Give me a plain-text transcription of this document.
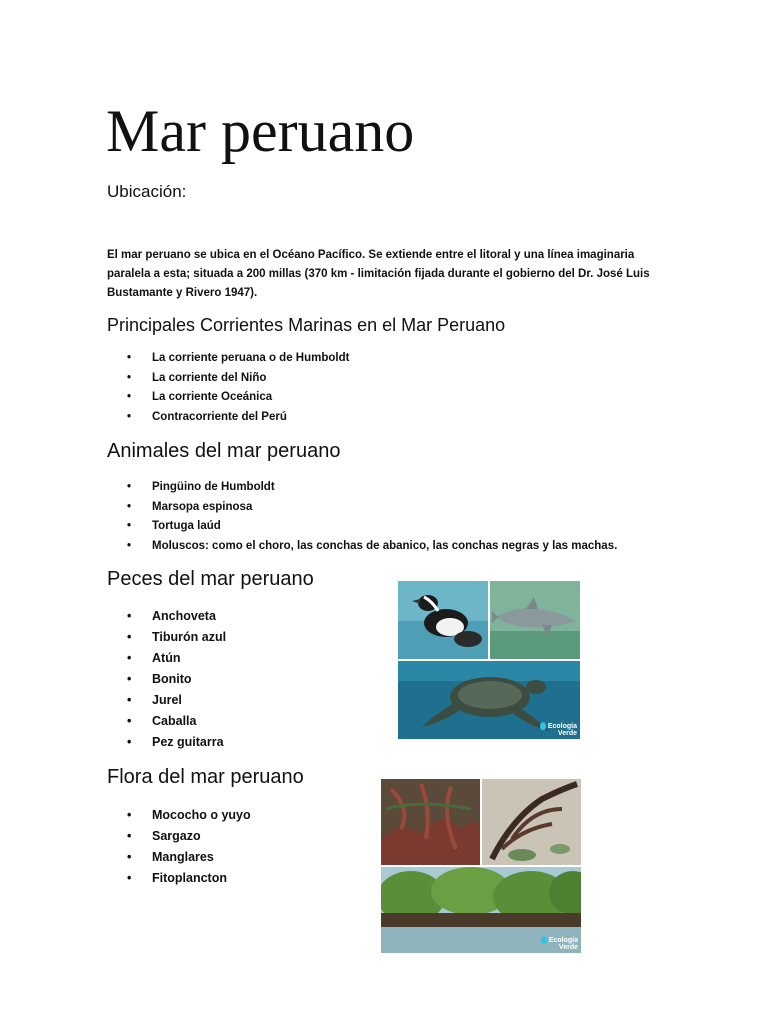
Mar peruano
Ubicación:

El mar peruano se ubica en el Océano Pacífico. Se extiende entre el litoral y una línea imaginaria paralela a esta; situada a 200 millas (370 km - limitación fijada durante el gobierno del Dr. José Luis Bustamante y Rivero 1947).

Principales Corrientes Marinas en el Mar Peruano
• La corriente peruana o de Humboldt
• La corriente del Niño
• La corriente Oceánica
• Contracorriente del Perú
Animales del mar peruano
• Pingüino de Humboldt
• Marsopa espinosa
• Tortuga laúd
• Moluscos: como el choro, las conchas de abanico, las conchas negras y las machas.
Peces del mar peruano
• Anchoveta
• Tiburón azul
• Atún
• Bonito
• Jurel
• Caballa
• Pez guitarra
Ecología
Verde
Flora del mar peruano
• Mococho o yuyo
• Sargazo
• Manglares
• Fitoplancton
Ecología
Verde
